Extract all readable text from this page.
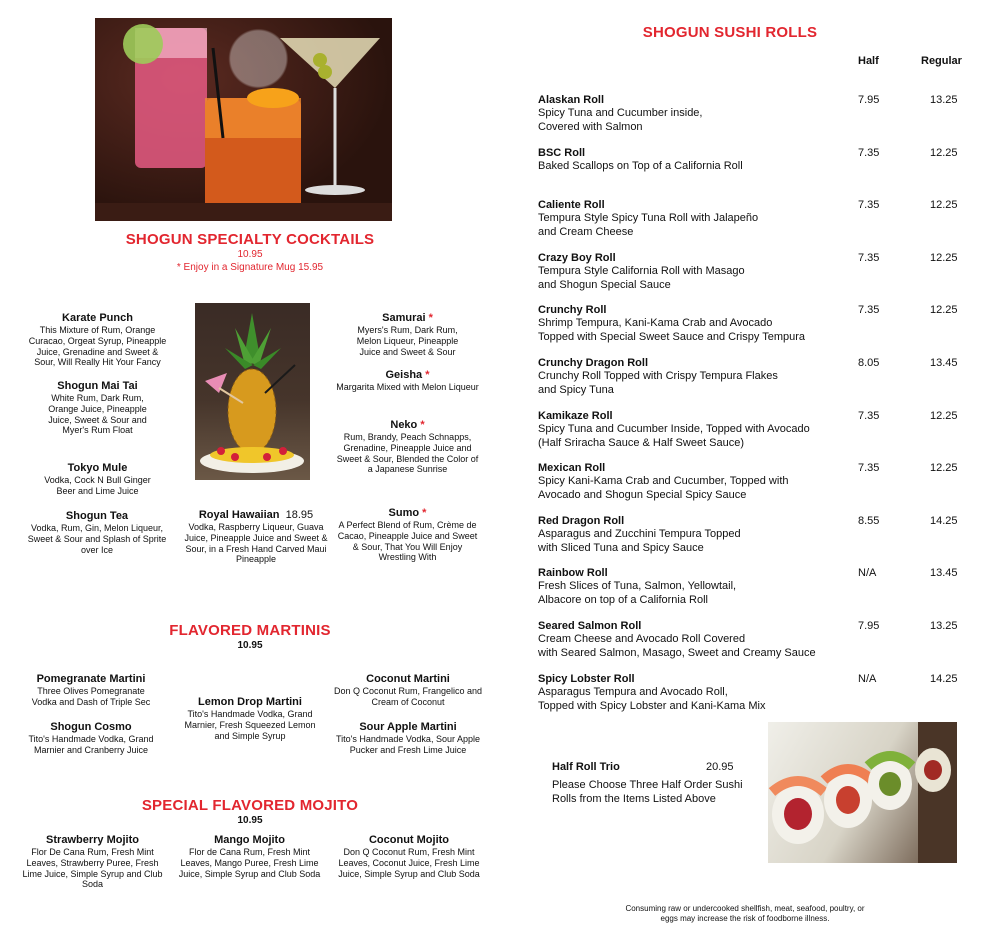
SHOGUN SPECIALTY COCKTAILS
10.95
* Enjoy in a Signature Mug 15.95
Karate Punch
This Mixture of Rum, Orange Curacao, Orgeat Syrup, Pineapple Juice, Grenadine and Sweet & Sour, Will Really Hit Your Fancy
Shogun Mai Tai
White Rum, Dark Rum, Orange Juice, Pineapple Juice, Sweet & Sour and Myer's Rum Float
Tokyo Mule
Vodka, Cock N Bull Ginger Beer and Lime Juice
Shogun Tea
Vodka, Rum, Gin, Melon Liqueur, Sweet & Sour and Splash of Sprite over Ice
Royal Hawaiian 18.95
Vodka, Raspberry Liqueur, Guava Juice, Pineapple Juice and Sweet & Sour, in a Fresh Hand Carved Maui Pineapple
Samurai *
Myers's Rum, Dark Rum, Melon Liqueur, Pineapple Juice and Sweet & Sour
Geisha *
Margarita Mixed with Melon Liqueur
Neko *
Rum, Brandy, Peach Schnapps, Grenadine, Pineapple Juice and Sweet & Sour, Blended the Color of a Japanese Sunrise
Sumo *
A Perfect Blend of Rum, Crème de Cacao, Pineapple Juice and Sweet & Sour, That You Will Enjoy Wrestling With
FLAVORED MARTINIS
10.95
Pomegranate Martini
Three Olives Pomegranate Vodka and Dash of Triple Sec
Shogun Cosmo
Tito's Handmade Vodka, Grand Marnier and Cranberry Juice
Lemon Drop Martini
Tito's Handmade Vodka, Grand Marnier, Fresh Squeezed Lemon and Simple Syrup
Coconut Martini
Don Q Coconut Rum, Frangelico and Cream of Coconut
Sour Apple Martini
Tito's Handmade Vodka, Sour Apple Pucker and Fresh Lime Juice
SPECIAL FLAVORED MOJITO
10.95
Strawberry Mojito
Flor De Cana Rum, Fresh Mint Leaves, Strawberry Puree, Fresh Lime Juice, Simple Syrup and Club Soda
Mango Mojito
Flor de Cana Rum, Fresh Mint Leaves, Mango Puree, Fresh Lime Juice, Simple Syrup and Club Soda
Coconut Mojito
Don Q Coconut Rum, Fresh Mint Leaves, Coconut Juice, Fresh Lime Juice, Simple Syrup and Club Soda
SHOGUN SUSHI ROLLS
Half	Regular
Alaskan Roll
Spicy Tuna and Cucumber inside,
Covered with Salmon
7.95	13.25
BSC Roll
Baked Scallops on Top of a California Roll
7.35	12.25
Caliente Roll
Tempura Style Spicy Tuna Roll with Jalapeño
and Cream Cheese
7.35	12.25
Crazy Boy Roll
Tempura Style California Roll with Masago
and Shogun Special Sauce
7.35	12.25
Crunchy Roll
Shrimp Tempura, Kani-Kama Crab and Avocado
Topped with Special Sweet Sauce and Crispy Tempura
7.35	12.25
Crunchy Dragon Roll
Crunchy Roll Topped with Crispy Tempura Flakes
and Spicy Tuna
8.05	13.45
Kamikaze Roll
Spicy Tuna and Cucumber Inside, Topped with Avocado
(Half Sriracha Sauce & Half Sweet Sauce)
7.35	12.25
Mexican Roll
Spicy Kani-Kama Crab and Cucumber, Topped with
Avocado and Shogun Special Spicy Sauce
7.35	12.25
Red Dragon Roll
Asparagus and Zucchini Tempura Topped
with Sliced Tuna and Spicy Sauce
8.55	14.25
Rainbow Roll
Fresh Slices of Tuna, Salmon, Yellowtail,
Albacore on top of a California Roll
N/A	13.45
Seared Salmon Roll
Cream Cheese and Avocado Roll Covered
with Seared Salmon, Masago, Sweet and Creamy Sauce
7.95	13.25
Spicy Lobster Roll
Asparagus Tempura and Avocado Roll,
Topped with Spicy Lobster and Kani-Kama Mix
N/A	14.25
Half Roll Trio	20.95
Please Choose Three Half Order Sushi
Rolls from the Items Listed Above
Consuming raw or undercooked shellfish, meat, seafood, poultry, or
eggs may increase the risk of foodborne illness.
